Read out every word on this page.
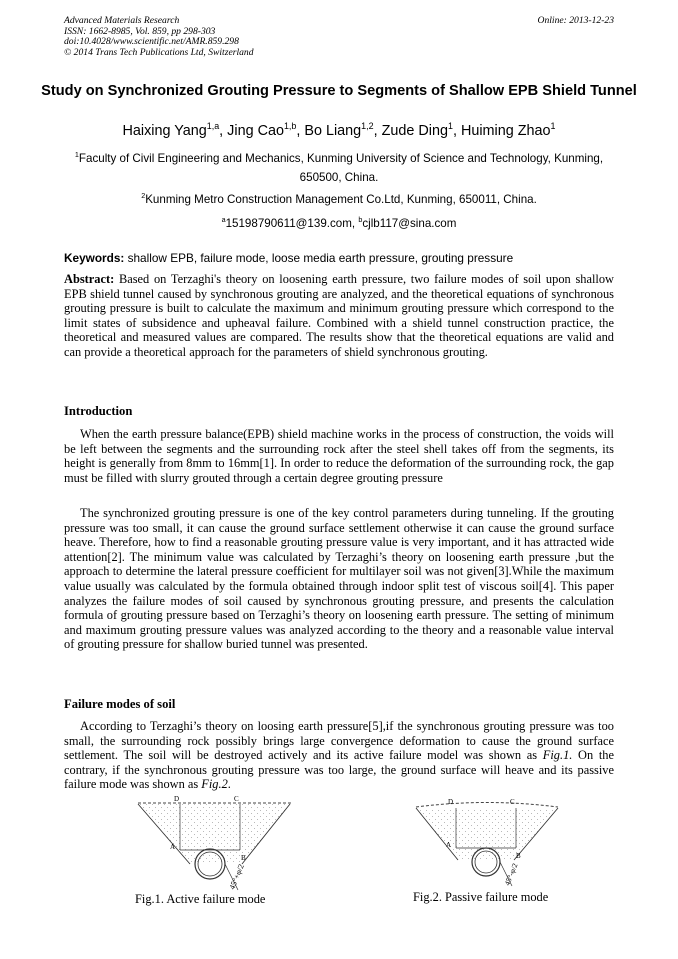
Advanced Materials Research
ISSN: 1662-8985, Vol. 859, pp 298-303
doi:10.4028/www.scientific.net/AMR.859.298
© 2014 Trans Tech Publications Ltd, Switzerland
Online: 2013-12-23
Study on Synchronized Grouting Pressure to Segments of Shallow EPB Shield Tunnel
Haixing Yang$^{1,a}$, Jing Cao$^{1,b}$, Bo Liang$^{1,2}$, Zude Ding$^1$, Huiming Zhao$^1$
$^1$Faculty of Civil Engineering and Mechanics, Kunming University of Science and Technology, Kunming, 650500, China.
$^2$Kunming Metro Construction Management Co.Ltd, Kunming, 650011, China.
$^a$15198790611@139.com, $^b$cjlb117@sina.com
Keywords: shallow EPB, failure mode, loose media earth pressure, grouting pressure
Abstract: Based on Terzaghi's theory on loosening earth pressure, two failure modes of soil upon shallow EPB shield tunnel caused by synchronous grouting are analyzed, and the theoretical equations of synchronous grouting pressure is built to calculate the maximum and minimum grouting pressure which correspond to the limit states of subsidence and upheaval failure. Combined with a shield tunnel construction practice, the theoretical and measured values are compared. The results show that the theoretical equations are valid and can provide a theoretical approach for the parameters of shield synchronous grouting.
Introduction
When the earth pressure balance(EPB) shield machine works in the process of construction, the voids will be left between the segments and the surrounding rock after the steel shell takes off from the segments, its height is generally from 8mm to 16mm[1]. In order to reduce the deformation of the surrounding rock, the gap must be filled with slurry grouted through a certain degree grouting pressure
The synchronized grouting pressure is one of the key control parameters during tunneling. If the grouting pressure was too small, it can cause the ground surface settlement otherwise it can cause the ground surface heave. Therefore, how to find a reasonable grouting pressure value is very important, and it has attracted wide attention[2]. The minimum value was calculated by Terzaghi’s theory on loosening earth pressure ,but the approach to determine the lateral pressure coefficient for multilayer soil was not given[3].While the maximum value usually was calculated by the formula obtained through indoor split test of viscous soil[4]. This paper analyzes the failure modes of soil caused by synchronous grouting pressure, and presents the calculation formula of grouting pressure based on Terzaghi’s theory on loosening earth pressure. The setting of minimum and maximum grouting pressure values was analyzed according to the theory and a reasonable value interval of grouting pressure for shallow buried tunnel was presented.
Failure modes of soil
According to Terzaghi’s theory on loosing earth pressure[5],if the synchronous grouting pressure was too small, the surrounding rock possibly brings large convergence deformation to cause the ground surface settlement. The soil will be destroyed actively and its active failure model was shown as Fig.1. On the contrary, if the synchronous grouting pressure was too large, the ground surface will heave and its passive failure mode was shown as Fig.2.
D	C
A
B
45°+φ/2
Fig.1. Active failure mode
D	C
A
B
45°-φ/2
Fig.2. Passive failure mode
